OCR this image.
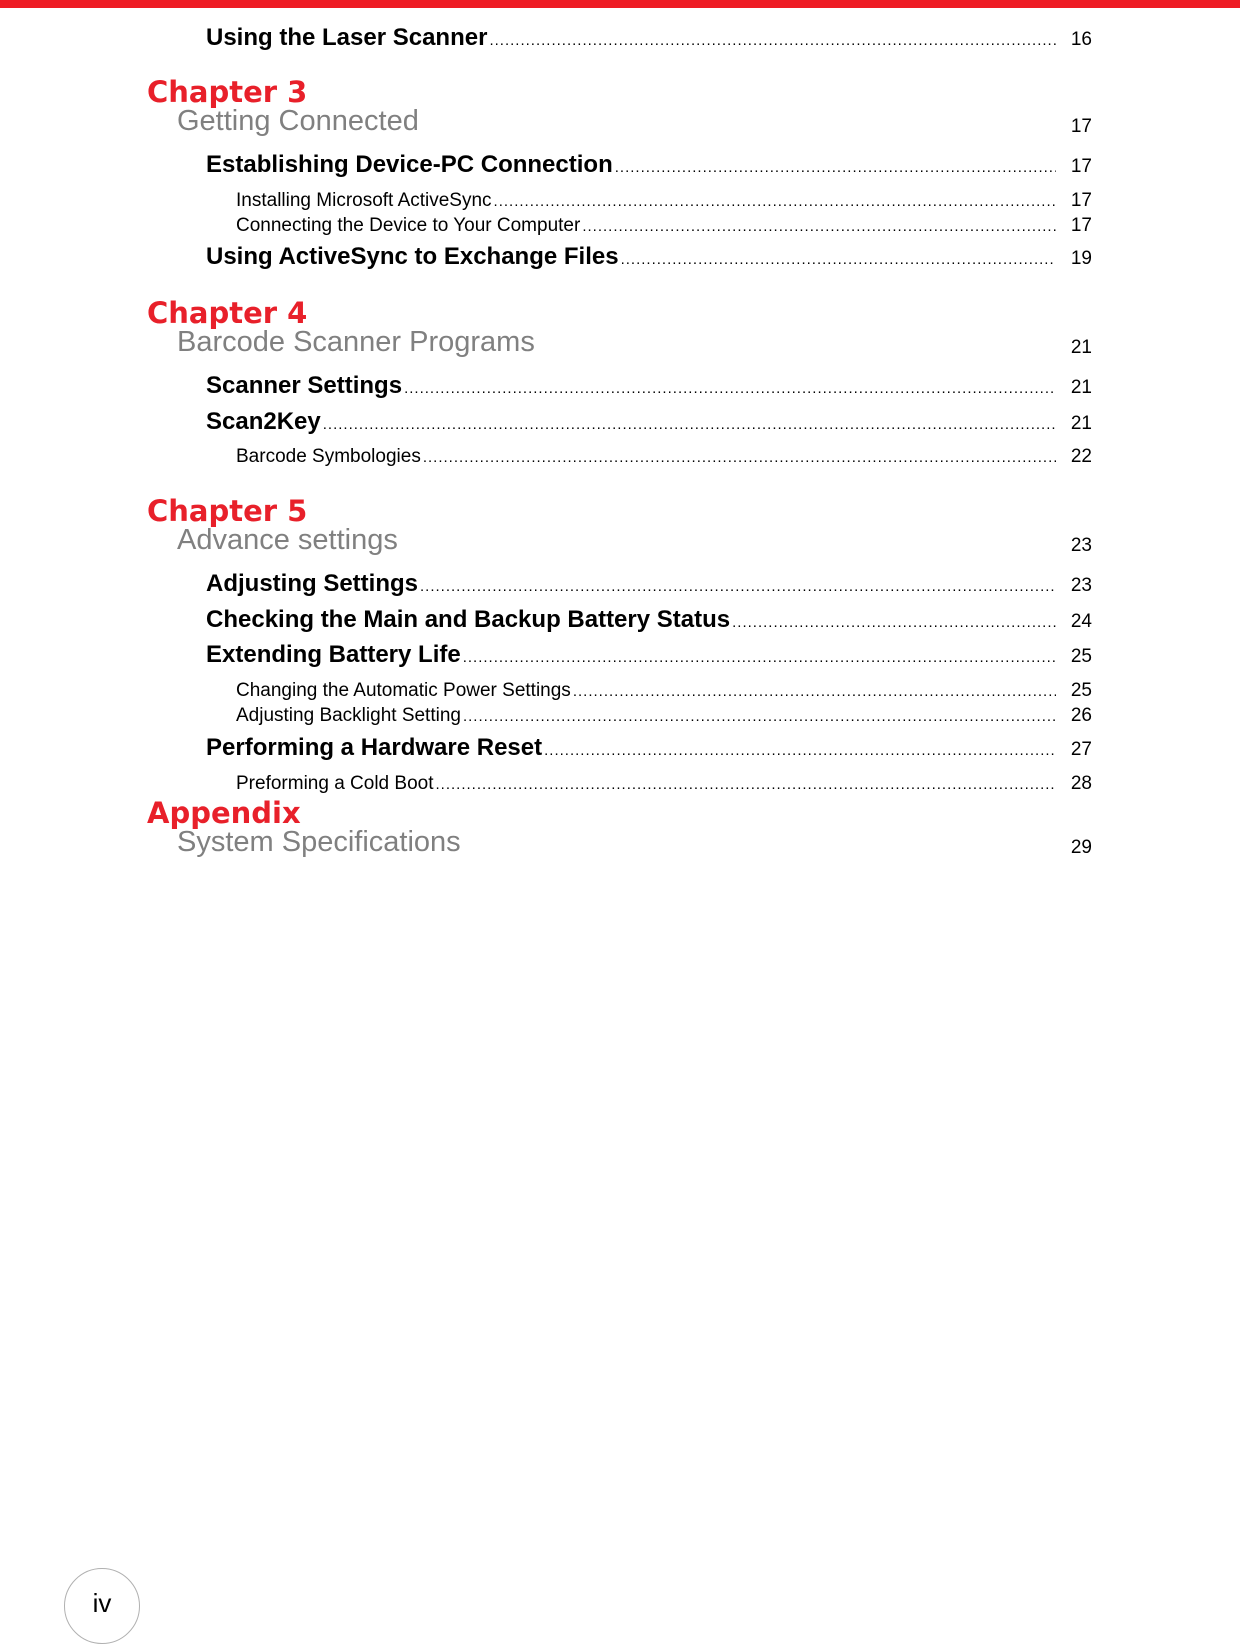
Using the Laser Scanner .....	16
Chapter 3
Getting Connected	17
Establishing Device-PC Connection .....	17
Installing Microsoft ActiveSync .....	17
Connecting the Device to Your Computer .....	17
Using ActiveSync to Exchange Files .....	19
Chapter 4
Barcode Scanner Programs	21
Scanner Settings .....	21
Scan2Key .....	21
Barcode Symbologies .....	22
Chapter 5
Advance settings	23
Adjusting Settings .....	23
Checking the Main and Backup Battery Status .....	24
Extending Battery Life .....	25
Changing the Automatic Power Settings .....	25
Adjusting Backlight Setting .....	26
Performing a Hardware Reset .....	27
Preforming a Cold Boot .....	28
Appendix
System Specifications	29
iv
